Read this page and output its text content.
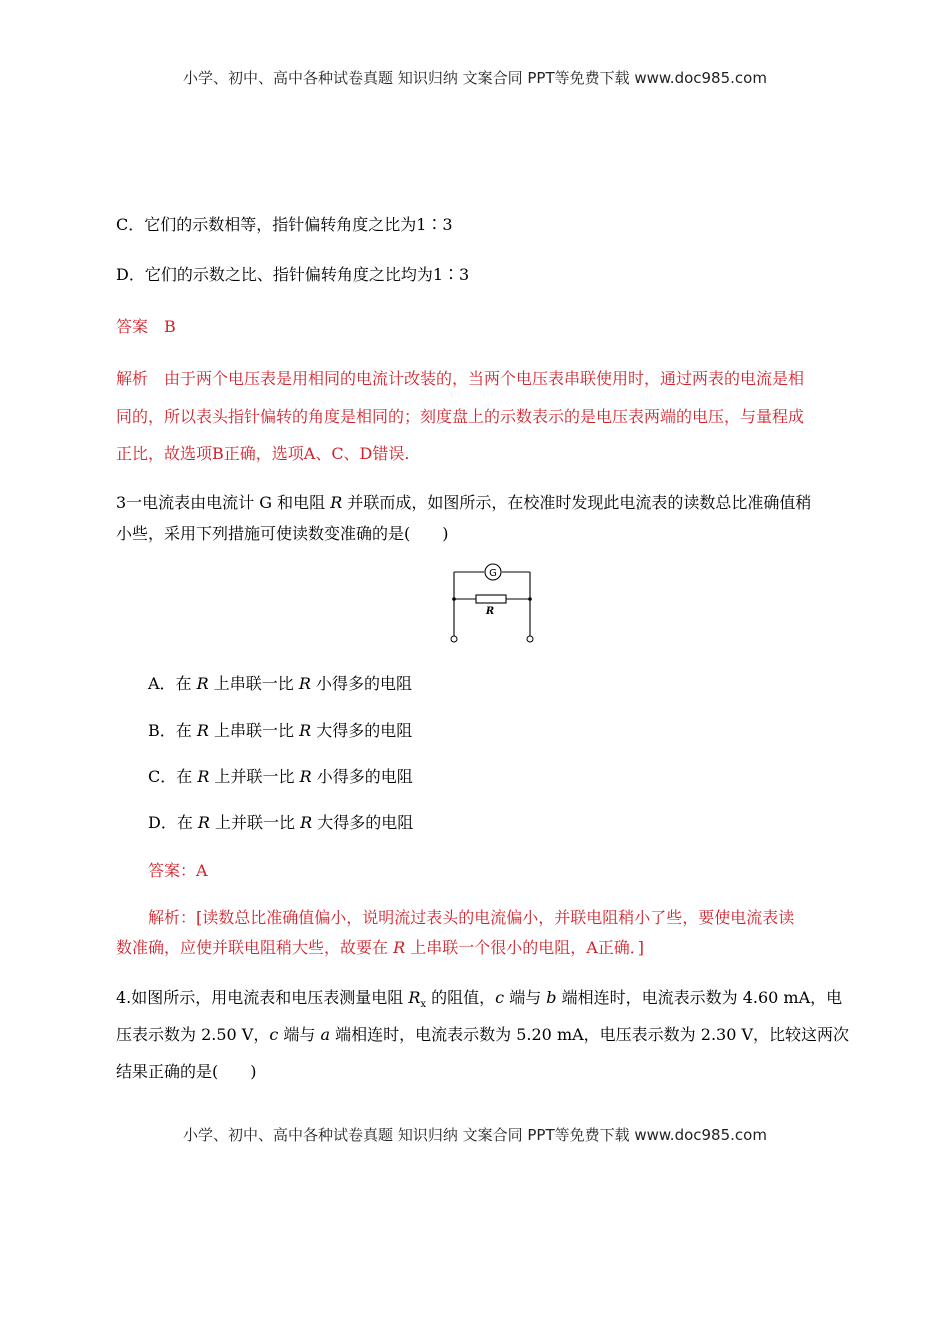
小学、初中、高中各种试卷真题 知识归纳 文案合同 PPT等免费下载 www.doc985.com
C．它们的示数相等，指针偏转角度之比为1∶3
D．它们的示数之比、指针偏转角度之比均为1∶3
答案　B
解析　由于两个电压表是用相同的电流计改装的，当两个电压表串联使用时，通过两表的电流是相
同的，所以表头指针偏转的角度是相同的；刻度盘上的示数表示的是电压表两端的电压，与量程成
正比，故选项B正确，选项A、C、D错误.
3一电流表由电流计 G 和电阻 R 并联而成，如图所示，在校准时发现此电流表的读数总比准确值稍
小些，采用下列措施可使读数变准确的是(　　)
G
R
A．在 R 上串联一比 R 小得多的电阻
B．在 R 上串联一比 R 大得多的电阻
C．在 R 上并联一比 R 小得多的电阻
D．在 R 上并联一比 R 大得多的电阻
答案：A
解析：[读数总比准确值偏小，说明流过表头的电流偏小，并联电阻稍小了些，要使电流表读
数准确，应使并联电阻稍大些，故要在 R 上串联一个很小的电阻，A正确．]
4.如图所示，用电流表和电压表测量电阻 $R_x$ 的阻值，c 端与 b 端相连时，电流表示数为 4.60 mA，电
压表示数为 2.50 V，c 端与 a 端相连时，电流表示数为 5.20 mA，电压表示数为 2.30 V，比较这两次
结果正确的是(　　)
小学、初中、高中各种试卷真题 知识归纳 文案合同 PPT等免费下载 www.doc985.com
